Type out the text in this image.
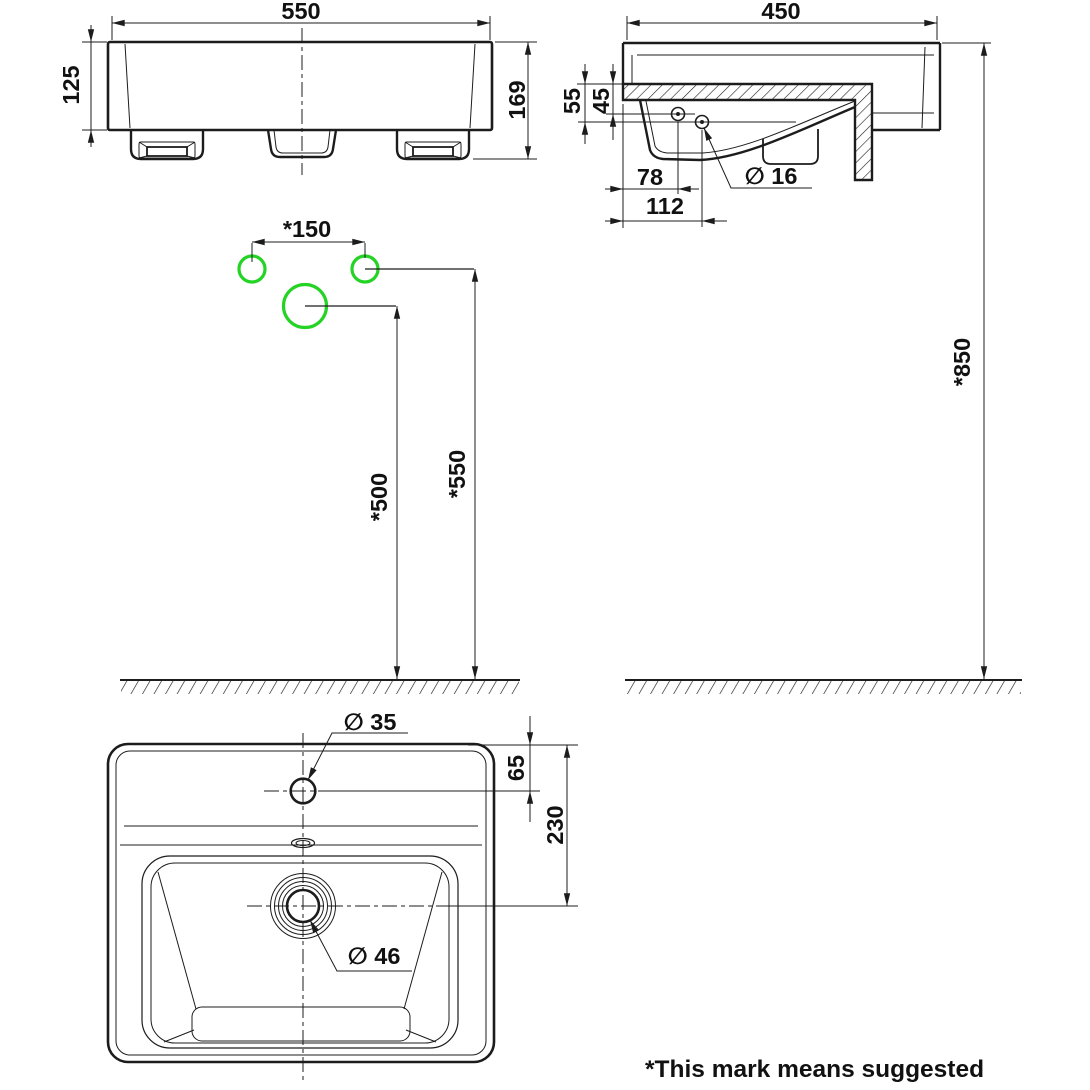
550
125	169
450
55 45
78
112
∅ 16
*850
*150
*500 *550
∅ 35
∅ 46
65
230
*This mark means suggested
